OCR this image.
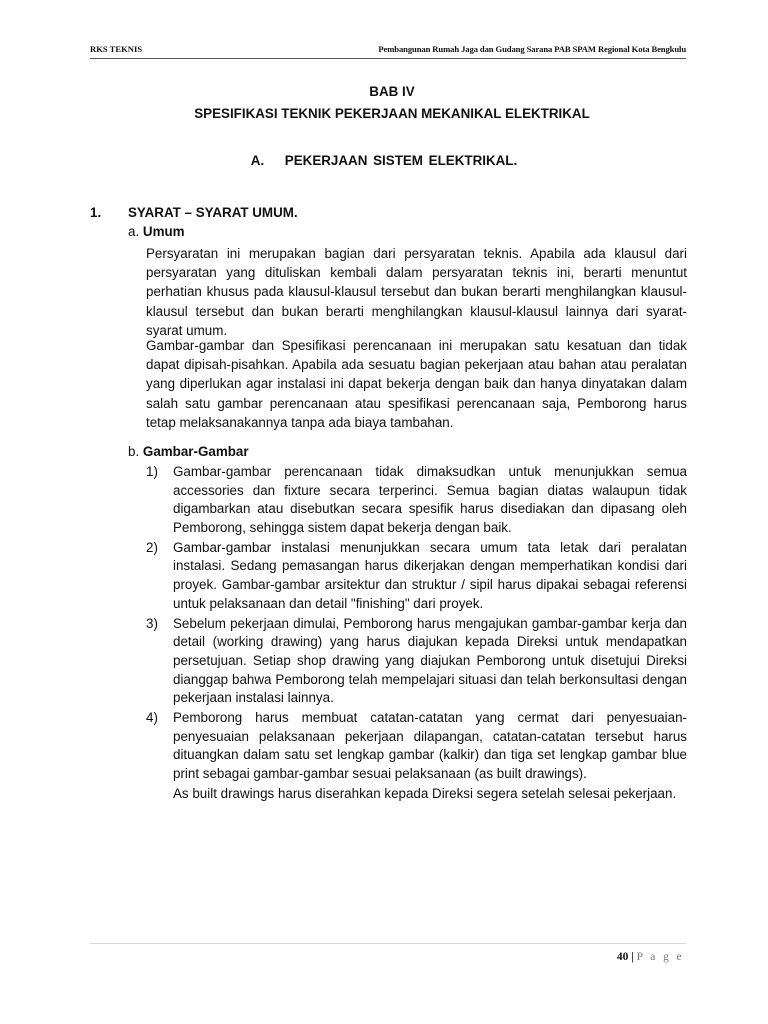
RKS TEKNIS	Pembangunan Rumah Jaga dan Gudang Sarana PAB SPAM Regional Kota Bengkulu
BAB IV
SPESIFIKASI TEKNIK PEKERJAAN MEKANIKAL ELEKTRIKAL
A. PEKERJAAN SISTEM ELEKTRIKAL.
1. SYARAT – SYARAT UMUM.
a. Umum

Persyaratan ini merupakan bagian dari persyaratan teknis. Apabila ada klausul dari persyaratan yang dituliskan kembali dalam persyaratan teknis ini, berarti menuntut perhatian khusus pada klausul-klausul tersebut dan bukan berarti menghilangkan klausul-klausul tersebut dan bukan berarti menghilangkan klausul-klausul lainnya dari syarat-syarat umum.

Gambar-gambar dan Spesifikasi perencanaan ini merupakan satu kesatuan dan tidak dapat dipisah-pisahkan. Apabila ada sesuatu bagian pekerjaan atau bahan atau peralatan yang diperlukan agar instalasi ini dapat bekerja dengan baik dan hanya dinyatakan dalam salah satu gambar perencanaan atau spesifikasi perencanaan saja, Pemborong harus tetap melaksanakannya tanpa ada biaya tambahan.

b. Gambar-Gambar
1) Gambar-gambar perencanaan tidak dimaksudkan untuk menunjukkan semua accessories dan fixture secara terperinci. Semua bagian diatas walaupun tidak digambarkan atau disebutkan secara spesifik harus disediakan dan dipasang oleh Pemborong, sehingga sistem dapat bekerja dengan baik.
2) Gambar-gambar instalasi menunjukkan secara umum tata letak dari peralatan instalasi. Sedang pemasangan harus dikerjakan dengan memperhatikan kondisi dari proyek. Gambar-gambar arsitektur dan struktur / sipil harus dipakai sebagai referensi untuk pelaksanaan dan detail "finishing" dari proyek.
3) Sebelum pekerjaan dimulai, Pemborong harus mengajukan gambar-gambar kerja dan detail (working drawing) yang harus diajukan kepada Direksi untuk mendapatkan persetujuan. Setiap shop drawing yang diajukan Pemborong untuk disetujui Direksi dianggap bahwa Pemborong telah mempelajari situasi dan telah berkonsultasi dengan pekerjaan instalasi lainnya.
4) Pemborong harus membuat catatan-catatan yang cermat dari penyesuaian-penyesuaian pelaksanaan pekerjaan dilapangan, catatan-catatan tersebut harus dituangkan dalam satu set lengkap gambar (kalkir) dan tiga set lengkap gambar blue print sebagai gambar-gambar sesuai pelaksanaan (as built drawings).
As built drawings harus diserahkan kepada Direksi segera setelah selesai pekerjaan.
40 | P a g e
